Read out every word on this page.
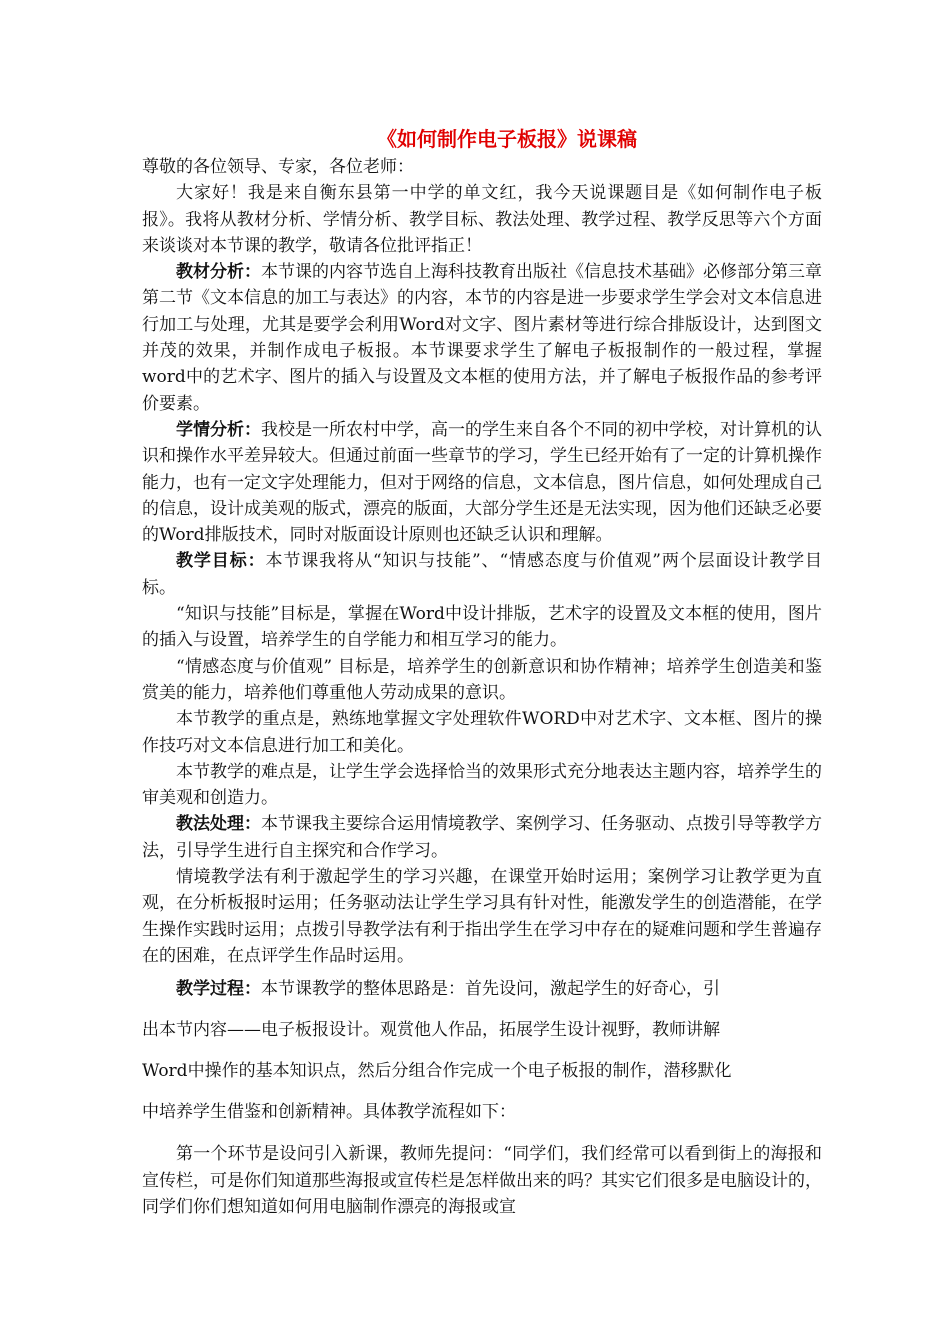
《如何制作电子板报》说课稿

尊敬的各位领导、专家，各位老师：

大家好！我是来自衡东县第一中学的单文红，我今天说课题目是《如何制作电子板报》。我将从教材分析、学情分析、教学目标、教法处理、教学过程、教学反思等六个方面来谈谈对本节课的教学，敬请各位批评指正！

教材分析：本节课的内容节选自上海科技教育出版社《信息技术基础》必修部分第三章第二节《文本信息的加工与表达》的内容，本节的内容是进一步要求学生学会对文本信息进行加工与处理，尤其是要学会利用Word对文字、图片素材等进行综合排版设计，达到图文并茂的效果，并制作成电子板报。本节课要求学生了解电子板报制作的一般过程，掌握word中的艺术字、图片的插入与设置及文本框的使用方法，并了解电子板报作品的参考评价要素。

学情分析：我校是一所农村中学，高一的学生来自各个不同的初中学校，对计算机的认识和操作水平差异较大。但通过前面一些章节的学习，学生已经开始有了一定的计算机操作能力，也有一定文字处理能力，但对于网络的信息，文本信息，图片信息，如何处理成自己的信息，设计成美观的版式，漂亮的版面，大部分学生还是无法实现，因为他们还缺乏必要的Word排版技术，同时对版面设计原则也还缺乏认识和理解。

教学目标：本节课我将从“知识与技能”、“情感态度与价值观”两个层面设计教学目标。

“知识与技能”目标是，掌握在Word中设计排版，艺术字的设置及文本框的使用，图片的插入与设置，培养学生的自学能力和相互学习的能力。

“情感态度与价值观” 目标是，培养学生的创新意识和协作精神；培养学生创造美和鉴赏美的能力，培养他们尊重他人劳动成果的意识。

本节教学的重点是，熟练地掌握文字处理软件WORD中对艺术字、文本框、图片的操作技巧对文本信息进行加工和美化。

本节教学的难点是，让学生学会选择恰当的效果形式充分地表达主题内容，培养学生的审美观和创造力。

教法处理：本节课我主要综合运用情境教学、案例学习、任务驱动、点拨引导等教学方法，引导学生进行自主探究和合作学习。

情境教学法有利于激起学生的学习兴趣，在课堂开始时运用；案例学习让教学更为直观，在分析板报时运用；任务驱动法让学生学习具有针对性，能激发学生的创造潜能，在学生操作实践时运用；点拨引导教学法有利于指出学生在学习中存在的疑难问题和学生普遍存在的困难，在点评学生作品时运用。

教学过程：本节课教学的整体思路是：首先设问，激起学生的好奇心，引

出本节内容——电子板报设计。观赏他人作品，拓展学生设计视野，教师讲解

Word中操作的基本知识点，然后分组合作完成一个电子板报的制作，潜移默化

中培养学生借鉴和创新精神。具体教学流程如下：

第一个环节是设问引入新课，教师先提问：“同学们，我们经常可以看到街上的海报和宣传栏，可是你们知道那些海报或宣传栏是怎样做出来的吗？其实它们很多是电脑设计的，同学们你们想知道如何用电脑制作漂亮的海报或宣
